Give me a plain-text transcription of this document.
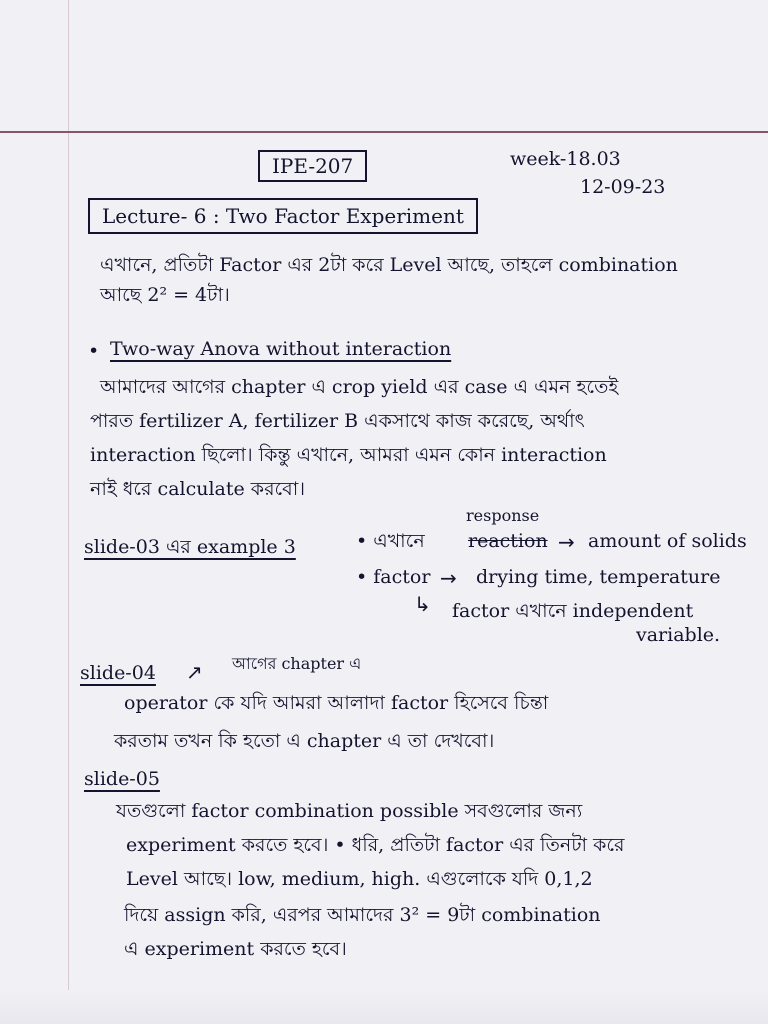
IPE-207	week-18.03
12-09-23
Lecture- 6 : Two Factor Experiment
এখানে, প্রতিটা Factor এর 2টা করে Level আছে, তাহলে combination
আছে 2² = 4টা।
• Two-way Anova without interaction
আমাদের আগের chapter এ crop yield এর case এ এমন হতেই
পারত fertilizer A, fertilizer B একসাথে কাজ করেছে, অর্থাৎ
interaction ছিলো। কিন্তু এখানে, আমরা এমন কোন interaction
নাই ধরে calculate করবো।
response
slide-03 এর example 3	• এখানে reaction → amount of solids
• factor → drying time, temperature
↳ factor এখানে independent
variable.
slide-04 ↗ আগের chapter এ
operator কে যদি আমরা আলাদা factor হিসেবে চিন্তা
করতাম তখন কি হতো এ chapter এ তা দেখবো।
slide-05
যতগুলো factor combination possible সবগুলোর জন্য
experiment করতে হবে। • ধরি, প্রতিটা factor এর তিনটা করে
Level আছে। low, medium, high. এগুলোকে যদি 0,1,2
দিয়ে assign করি, এরপর আমাদের 3² = 9টা combination
এ experiment করতে হবে।
